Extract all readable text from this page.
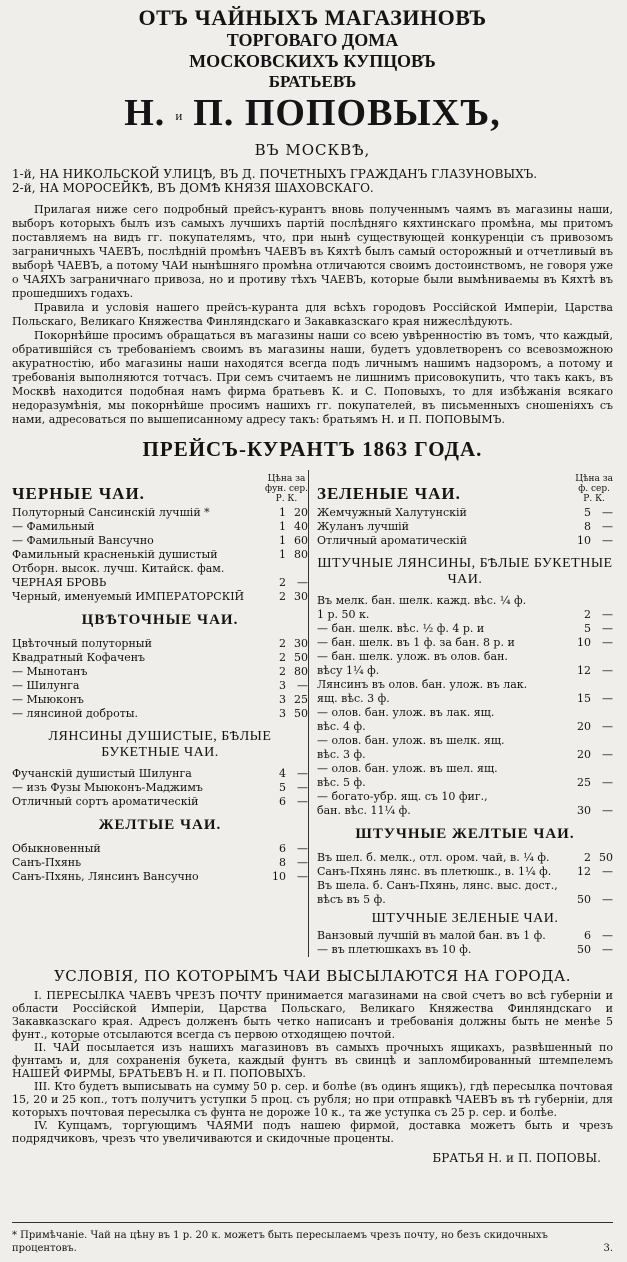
ОТЪ ЧАЙНЫХЪ МАГАЗИНОВЪ
ТОРГОВАГО ДОМА
МОСКОВСКИХЪ КУПЦОВЪ
БРАТЬЕВЪ
Н. и П. ПОПОВЫХЪ,
ВЪ МОСКВѢ,
1-й, НА НИКОЛЬСКОЙ УЛИЦѢ, ВЪ Д. ПОЧЕТНЫХЪ ГРАЖДАНЪ ГЛАЗУНОВЫХЪ.
2-й, НА МОРОСЕЙКѢ, ВЪ ДОМѢ КНЯЗЯ ШАХОВСКАГО.

Прилагая ниже сего подробный прейсъ-курантъ вновь полученнымъ чаямъ въ магазины наши, выборъ которыхъ былъ изъ самыхъ лучшихъ партiй послѣдняго кяхтинскаго промѣна, мы притомъ поставляемъ на видъ гг. покупателямъ, что, при нынѣ существующей конкуренцiи съ привозомъ заграничныхъ ЧАЕВЪ, послѣднiй промѣнъ ЧАЕВЪ въ Кяхтѣ былъ самый осторожный и отчетливый въ выборѣ ЧАЕВЪ, а потому ЧАИ нынѣшняго промѣна отличаются своимъ достоинствомъ, не говоря уже о ЧАЯХЪ заграничнаго привоза, но и противу тѣхъ ЧАЕВЪ, которые были вымѣниваемы въ Кяхтѣ въ прошедшихъ годахъ.

Правила и условiя нашего прейсъ-куранта для всѣхъ городовъ Россiйской Имперiи, Царства Польскаго, Великаго Княжества Финляндскаго и Закавказскаго края нижеслѣдують.

Покорнѣйше просимъ обращаться въ магазины наши со всею увѣренностiю въ томъ, что каждый, обратившiйся съ требованiемъ своимъ въ магазины наши, будетъ удовлетворенъ со всевозможною акуратностiю, ибо магазины наши находятся всегда подъ личнымъ нашимъ надзоромъ, а потому и требованiя выполняются тотчасъ. При семъ считаемъ не лишнимъ присовокупить, что такъ какъ, въ Москвѣ находится подобная намъ фирма братьевъ К. и С. Поповыхъ, то для избѣжанiя всякаго недоразумѣнiя, мы покорнѣйше просимъ нашихъ гг. покупателей, въ письменныхъ сношенiяхъ съ нами, адресоваться по вышеписанному адресу такъ: братьямъ Н. и П. ПОПОВЫМЪ.

ПРЕЙСЪ-КУРАНТЪ 1863 ГОДА.
ЧЕРНЫЕ ЧАИ.
Цѣна за
фун. сер.
Р. К.
Полуторный Сансинскiй лучшiй *	1 20
— Фамильный	1 40
— Фамильный Вансучно	1 60
Фамильный красненькiй душистый	1 80
Отборн. высок. лучш. Китайск. фам.
ЧЕРНАЯ БРОВЬ	2	—
Черный, именуемый ИМПЕРАТОРСКIЙ	2 30
ЦВѢТОЧНЫЕ ЧАИ.
Цвѣточный полуторный	2 30
Квадратный Кофаченъ	2 50
— Мынотанъ	2 80
— Шилунга	3	—
— Мыюконъ	3 25
— лянсиной доброты.	3 50
ЛЯНСИНЫ ДУШИСТЫЕ, БѢЛЫЕ БУКЕТНЫЕ ЧАИ.
Фучанскiй душистый Шилунга	4	—
— изъ Фузы Мыюконъ-Маджимъ	5	—
Отличный сортъ ароматическiй	6	—
ЖЕЛТЫЕ ЧАИ.
Обыкновенный	6	—
Санъ-Пхянь	8	—
Санъ-Пхянь, Лянсинъ Вансучно	10	—
ЗЕЛЕНЫЕ ЧАИ.
Цѣна за
ф. сер.
Р. К.
Жемчужный Халутунскiй	5	—
Жуланъ лучшiй	8	—
Отличный ароматическiй	10	—
ШТУЧНЫЕ ЛЯНСИНЫ, БѢЛЫЕ БУКЕТНЫЕ ЧАИ.
Въ мелк. бан. шелк. кажд. вѣс. ¼ ф.
1 р. 50 к.	2	—
— бан. шелк. вѣс. ½ ф. 4 р. и	5	—
— бан. шелк. въ 1 ф. за бан. 8 р. и	10	—
— бан. шелк. улож. въ олов. бан.
вѣсу 1¼ ф.	12	—
Лянсинъ въ олов. бан. улож. въ лак.
ящ. вѣс. 3 ф.	15	—
— олов. бан. улож. въ лак. ящ.
вѣс. 4 ф.	20	—
— олов. бан. улож. въ шелк. ящ.
вѣс. 3 ф.	20	—
— олов. бан. улож. въ шел. ящ.
вѣс. 5 ф.	25	—
— богато-убр. ящ. съ 10 фиг.,
бан. вѣс. 11¼ ф.	30	—
ШТУЧНЫЕ ЖЕЛТЫЕ ЧАИ.
Въ шел. б. мелк., отл. ором. чай, в. ¼ ф.	2 50
Санъ-Пхянь лянс. въ плетюшк., в. 1¼ ф.	12	—
Въ шела. б. Санъ-Пхянь, лянс. выс. дост.,
вѣсъ въ 5 ф.	50	—
ШТУЧНЫЕ ЗЕЛЕНЫЕ ЧАИ.
Ванзовый лучшiй въ малой бан. въ 1 ф.	6	—
— въ плетюшкахъ въ 10 ф.	50	—
УСЛОВIЯ, ПО КОТОРЫМЪ ЧАИ ВЫСЫЛАЮТСЯ НА ГОРОДА.

I. ПЕРЕСЫЛКА ЧАЕВЪ ЧРЕЗЪ ПОЧТУ принимается магазинами на свой счетъ во всѣ губернiи и области Россiйской Имперiи, Царства Польскаго, Великаго Княжества Финляндскаго и Закавказскаго края. Адресъ долженъ быть четко написанъ и требованiя должны быть не менѣе 5 фунт., которые отсылаются всегда съ первою отходящею почтой.

II. ЧАЙ посылается изъ нашихъ магазиновъ въ самыхъ прочныхъ ящикахъ, развѣшенный по фунтамъ и, для сохраненiя букета, каждый фунтъ въ свинцѣ и запломбированный штемпелемъ НАШЕЙ ФИРМЫ, БРАТЬЕВЪ Н. и П. ПОПОВЫХЪ.

III. Кто будетъ выписывать на сумму 50 р. сер. и болѣе (въ одинъ ящикъ), гдѣ пересылка почтовая 15, 20 и 25 коп., тотъ получитъ уступки 5 проц. съ рубля; но при отправкѣ ЧАЕВЪ въ тѣ губернiи, для которыхъ почтовая пересылка съ фунта не дороже 10 к., та же уступка съ 25 р. сер. и болѣе.

IV. Купцамъ, торгующимъ ЧАЯМИ подъ нашею фирмой, доставка можетъ быть и чрезъ подрядчиковъ, чрезъ что увеличиваются и скидочные проценты.

БРАТЬЯ Н. и П. ПОПОВЫ.
* Примѣчанiе. Чай на цѣну въ 1 р. 20 к. можетъ быть пересылаемъ чрезъ почту, но безъ скидочныхъ процентовъ.	3.
